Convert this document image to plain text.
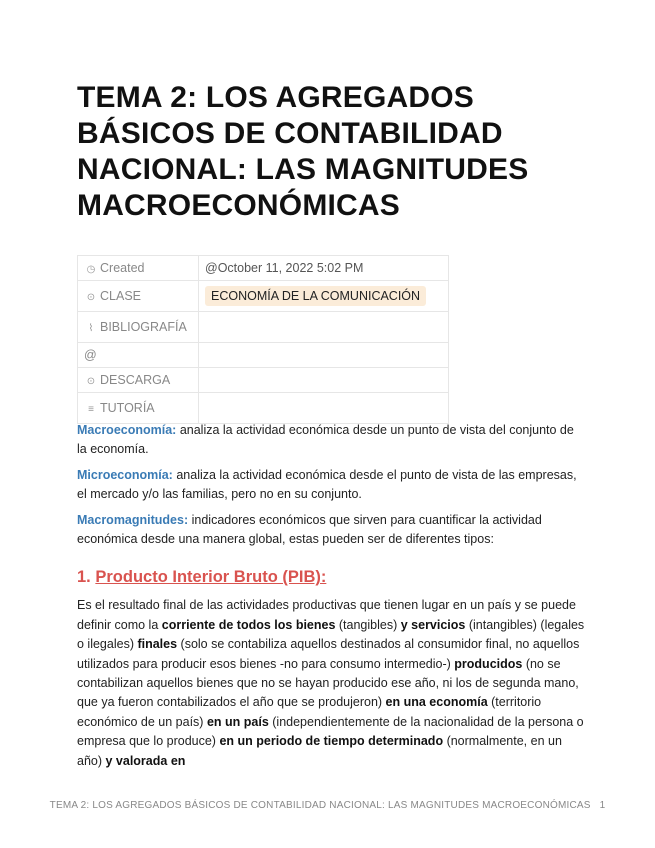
TEMA 2: LOS AGREGADOS BÁSICOS DE CONTABILIDAD NACIONAL: LAS MAGNITUDES MACROECONÓMICAS
◷ Created	@October 11, 2022 5:02 PM
⊙ CLASE	ECONOMÍA DE LA COMUNICACIÓN
⌇ BIBLIOGRAFÍA	
@	
⊙ DESCARGA	
≡ TUTORÍA	

Macroeconomía: analiza la actividad económica desde un punto de vista del conjunto de la economía.

Microeconomía: analiza la actividad económica desde el punto de vista de las empresas, el mercado y/o las familias, pero no en su conjunto.

Macromagnitudes: indicadores económicos que sirven para cuantificar la actividad económica desde una manera global, estas pueden ser de diferentes tipos:

1. Producto Interior Bruto (PIB):

Es el resultado final de las actividades productivas que tienen lugar en un país y se puede definir como la corriente de todos los bienes (tangibles) y servicios (intangibles) (legales o ilegales) finales (solo se contabiliza aquellos destinados al consumidor final, no aquellos utilizados para producir esos bienes -no para consumo intermedio-) producidos (no se contabilizan aquellos bienes que no se hayan producido ese año, ni los de segunda mano, que ya fueron contabilizados el año que se produjeron) en una economía (territorio económico de un país) en un país (independientemente de la nacionalidad de la persona o empresa que lo produce) en un periodo de tiempo determinado (normalmente, en un año) y valorada en

TEMA 2: LOS AGREGADOS BÁSICOS DE CONTABILIDAD NACIONAL: LAS MAGNITUDES MACROECONÓMICAS 1
